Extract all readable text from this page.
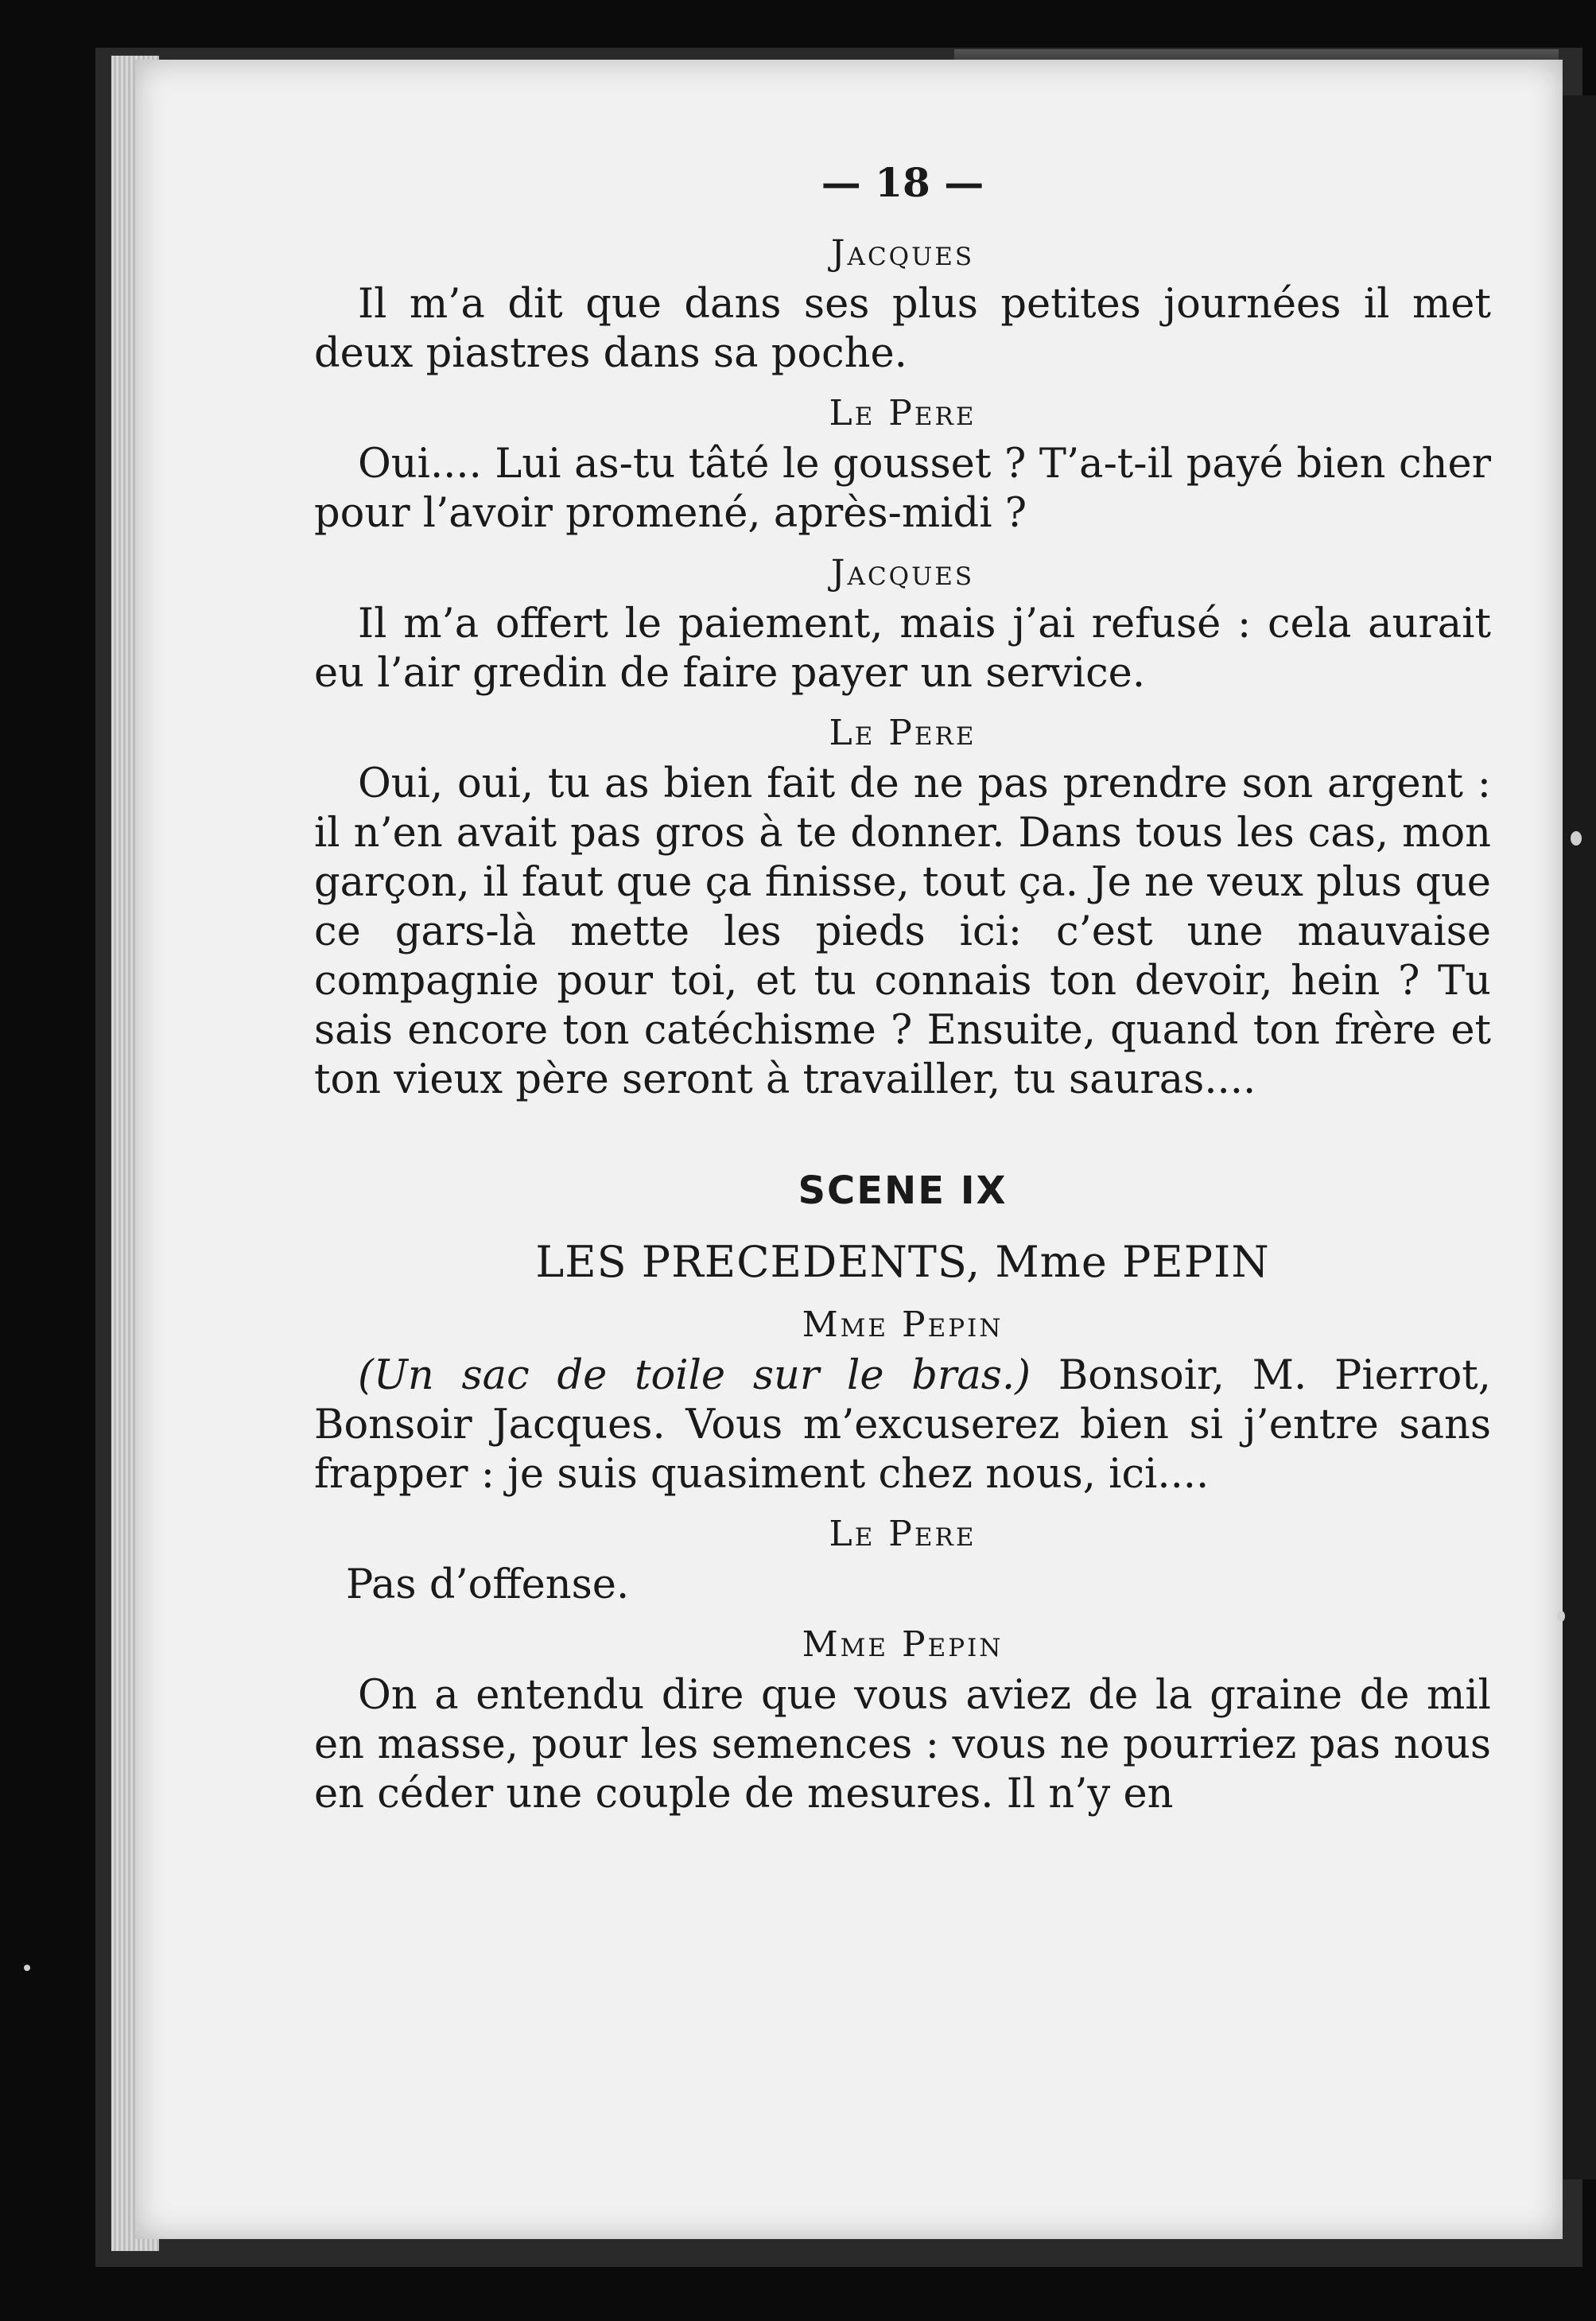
— 18 —
Jacques

Il m’a dit que dans ses plus petites journées il met deux piastres dans sa poche.

Le Pere

Oui.... Lui as-tu tâté le gousset ? T’a-t-il payé bien cher pour l’avoir promené, après-midi ?

Jacques

Il m’a offert le paiement, mais j’ai refusé : cela aurait eu l’air gredin de faire payer un service.

Le Pere

Oui, oui, tu as bien fait de ne pas prendre son argent : il n’en avait pas gros à te donner. Dans tous les cas, mon garçon, il faut que ça finisse, tout ça. Je ne veux plus que ce gars-là mette les pieds ici: c’est une mauvaise compagnie pour toi, et tu connais ton devoir, hein ? Tu sais encore ton catéchisme ? Ensuite, quand ton frère et ton vieux père seront à travailler, tu sauras....

SCENE IX
LES PRECEDENTS, Mme PEPIN
Mme Pepin

(Un sac de toile sur le bras.) Bonsoir, M. Pierrot, Bonsoir Jacques. Vous m’excuserez bien si j’entre sans frapper : je suis quasiment chez nous, ici....

Le Pere

Pas d’offense.

Mme Pepin

On a entendu dire que vous aviez de la graine de mil en masse, pour les semences : vous ne pourriez pas nous en céder une couple de mesures. Il n’y en
